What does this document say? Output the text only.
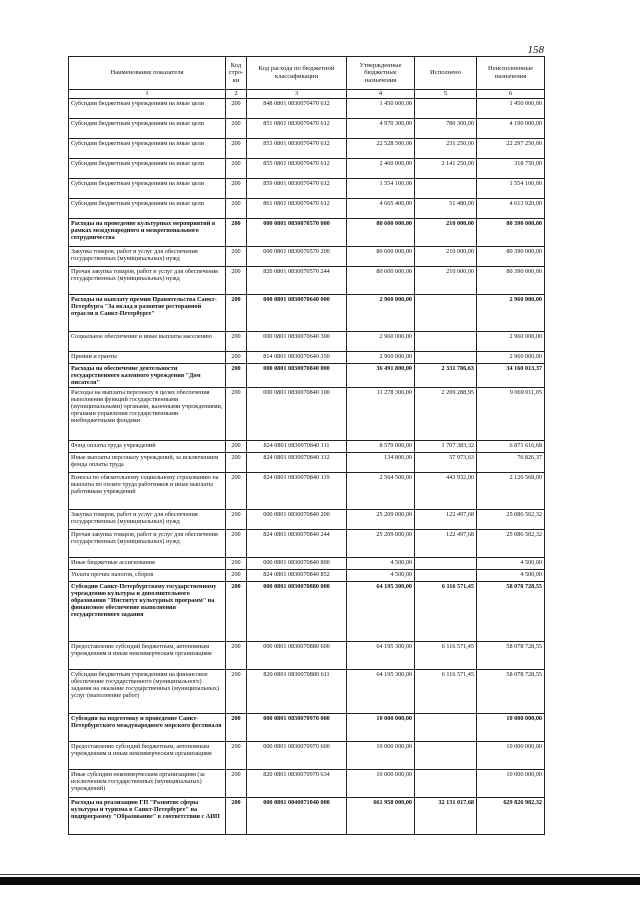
158
Наименование показателя	Код стро-ки	Код расхода по бюджетной классификации	Утвержденные бюджетные назначения	Исполнено	Неисполненные назначения
1	2	3	4	5	6
Субсидии бюджетным учреждениям на иные цели	200	848 0801 0830070470 612	1 450 000,00		1 450 000,00
Субсидии бюджетным учреждениям на иные цели	200	851 0801 0830070470 612	4 970 300,00	780 300,00	4 190 000,00
Субсидии бюджетным учреждениям на иные цели	200	853 0801 0830070470 612	22 528 500,00	231 250,00	22 297 250,00
Субсидии бюджетным учреждениям на иные цели	200	855 0801 0830070470 612	2 460 000,00	2 141 250,00	318 750,00
Субсидии бюджетным учреждениям на иные цели	200	859 0801 0830070470 612	1 554 100,00		1 554 100,00
Субсидии бюджетным учреждениям на иные цели	200	861 0801 0830070470 612	4 665 400,00	51 480,00	4 613 920,00
Расходы на проведение культурных мероприятий в рамках международного и межрегионального сотрудничества	200	000 0801 0830070570 000	80 600 000,00	210 000,00	80 390 000,00
Закупка товаров, работ и услуг для обеспечения государственных (муниципальных) нужд	200	000 0801 0830070570 200	80 600 000,00	210 000,00	80 390 000,00
Прочая закупка товаров, работ и услуг для обеспечения государственных (муниципальных) нужд	200	820 0801 0830070570 244	80 600 000,00	210 000,00	80 390 000,00
Расходы на выплату премии Правительства Санкт-Петербурга "За вклад в развитие ресторанной отрасли в Санкт-Петербурге"	200	000 0801 0830070640 000	2 960 000,00		2 960 000,00
Социальное обеспечение и иные выплаты населению	200	000 0801 0830070640 300	2 960 000,00		2 960 000,00
Премии и гранты	200	814 0801 0830070640 350	2 960 000,00		2 960 000,00
Расходы на обеспечение деятельности государственного казенного учреждения "Дом писателя"	200	000 0801 0830070840 000	36 491 800,00	2 331 786,63	34 160 013,37
Расходы на выплаты персоналу в целях обеспечения выполнения функций государственными (муниципальными) органами, казенными учреждениями, органами управления государственными внебюджетными фондами	200	000 0801 0830070840 100	11 278 300,00	2 209 288,95	9 069 011,05
Фонд оплаты труда учреждений	200	824 0801 0830070840 111	8 579 000,00	1 707 383,32	6 871 616,68
Иные выплаты персоналу учреждений, за исключением фонда оплаты труда	200	824 0801 0830070840 112	134 800,00	57 973,63	76 826,37
Взносы по обязательному социальному страхованию на выплаты по оплате труда работников и иные выплаты работникам учреждений	200	824 0801 0830070840 119	2 564 500,00	443 932,00	2 120 568,00
Закупка товаров, работ и услуг для обеспечения государственных (муниципальных) нужд	200	000 0801 0830070840 200	25 209 000,00	122 497,68	25 086 502,32
Прочая закупка товаров, работ и услуг для обеспечения государственных (муниципальных) нужд	200	824 0801 0830070840 244	25 209 000,00	122 497,68	25 086 502,32
Иные бюджетные ассигнования	200	000 0801 0830070840 800	4 500,00		4 500,00
Уплата прочих налогов, сборов	200	824 0801 0830070840 852	4 500,00		4 500,00
Субсидии Санкт-Петербургскому государственному учреждению культуры и дополнительного образования "Институт культурных программ" на финансовое обеспечение выполнения государственного задания	200	000 0801 0830070880 000	64 195 300,00	6 116 571,45	58 078 728,55
Предоставление субсидий бюджетным, автономным учреждениям и иным некоммерческим организациям	200	000 0801 0830070880 600	64 195 300,00	6 116 571,45	58 078 728,55
Субсидии бюджетным учреждениям на финансовое обеспечение государственного (муниципального) задания на оказание государственных (муниципальных) услуг (выполнение работ)	200	820 0801 0830070880 611	64 195 300,00	6 116 571,45	58 078 728,55
Субсидия на подготовку и проведение Санкт-Петербургского международного морского фестиваля	200	000 0801 0830070970 000	10 000 000,00		10 000 000,00
Предоставление субсидий бюджетным, автономным учреждениям и иным некоммерческим организациям	200	000 0801 0830070970 600	10 000 000,00		10 000 000,00
Иные субсидии некоммерческим организациям (за исключением государственных (муниципальных) учреждений)	200	820 0801 0830070970 634	10 000 000,00		10 000 000,00
Расходы на реализацию ГП "Развитие сферы культуры и туризма в Санкт-Петербурге" на подпрограмму "Образование" в соответствии с АИП	200	000 0801 0840071040 000	661 958 000,00	32 131 017,68	629 826 982,32
